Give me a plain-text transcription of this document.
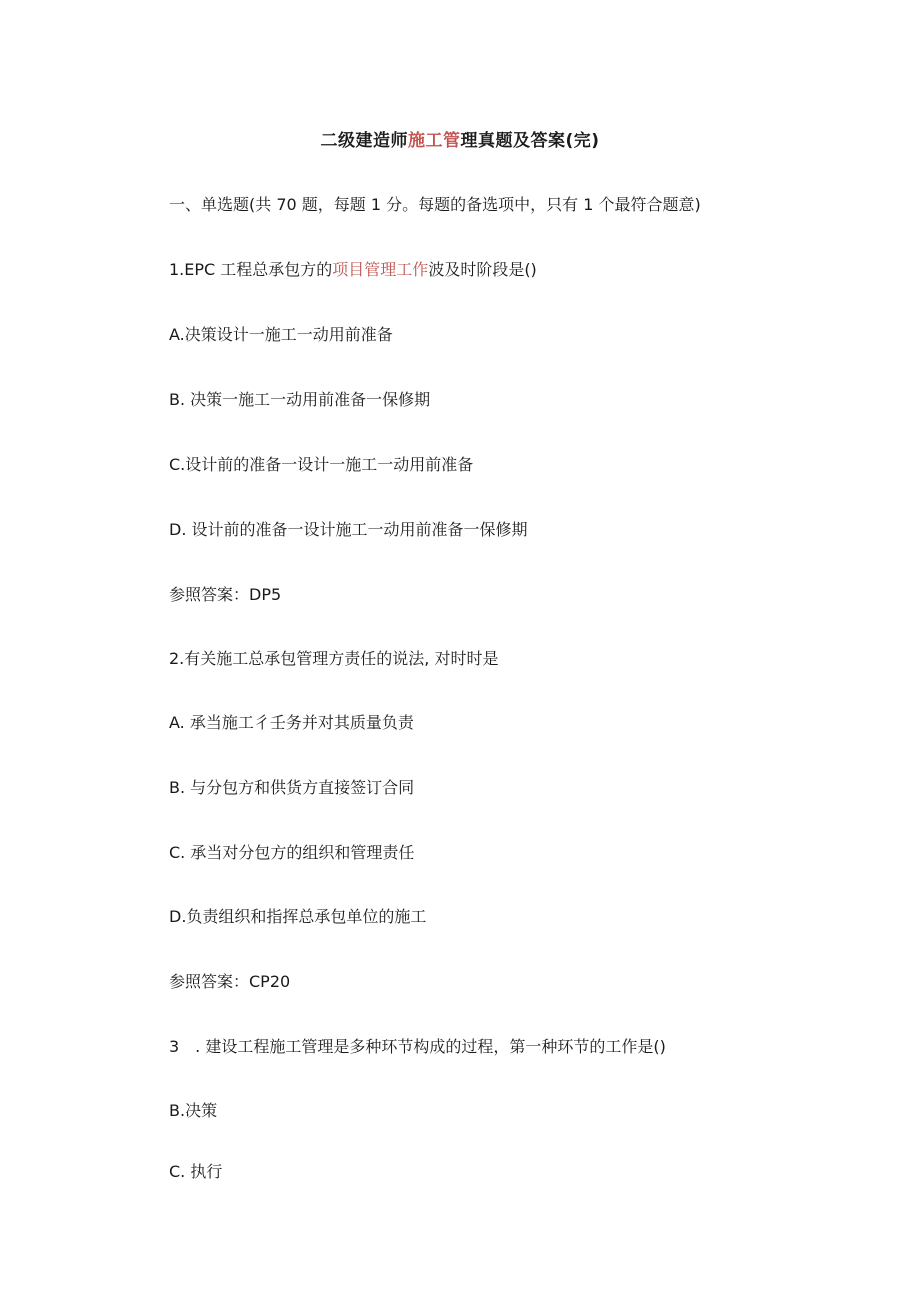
二级建造师施工管理真题及答案(完)
一、单选题(共 70 题，每题 1 分。每题的备选项中，只有 1 个最符合题意)
1.EPC 工程总承包方的项目管理工作波及时阶段是()
A.决策设计一施工一动用前准备
B. 决策一施工一动用前准备一保修期
C.设计前的准备一设计一施工一动用前准备
D. 设计前的准备一设计施工一动用前准备一保修期
参照答案：DP5
2.有关施工总承包管理方责任的说法, 对时时是
A. 承当施工彳壬务并对其质量负责
B. 与分包方和供货方直接签订合同
C. 承当对分包方的组织和管理责任
D.负责组织和指挥总承包单位的施工
参照答案：CP20
3　. 建设工程施工管理是多种环节构成的过程，第一种环节的工作是()
B.决策
C. 执行
